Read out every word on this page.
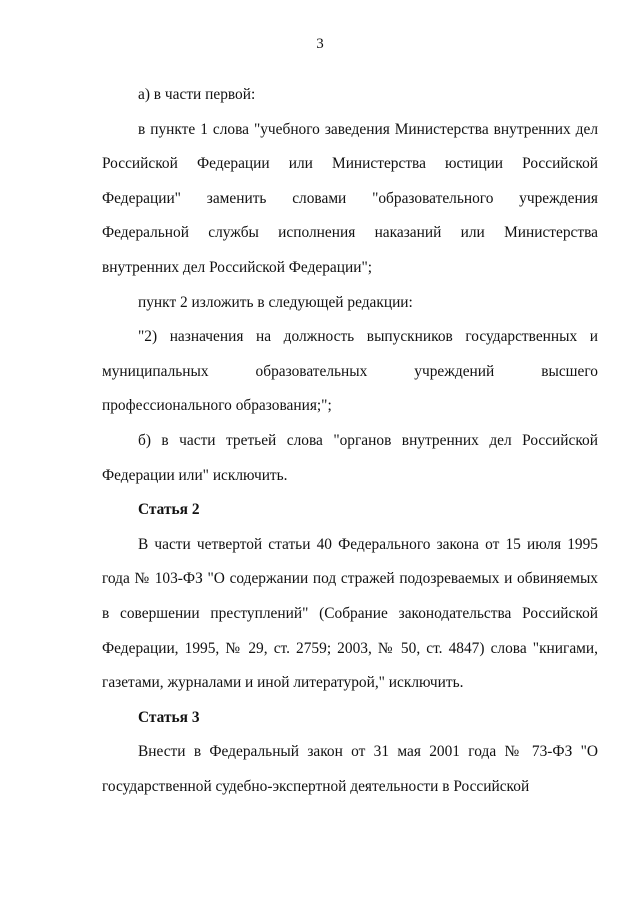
3

а) в части первой:

в пункте 1 слова "учебного заведения Министерства внутренних дел Российской Федерации или Министерства юстиции Российской Федерации" заменить словами "образовательного учреждения Федеральной службы исполнения наказаний или Министерства внутренних дел Российской Федерации";

пункт 2 изложить в следующей редакции:

"2) назначения на должность выпускников государственных и муниципальных образовательных учреждений высшего профессионального образования;";

б) в части третьей слова "органов внутренних дел Российской Федерации или" исключить.

Статья 2

В части четвертой статьи 40 Федерального закона от 15 июля 1995 года № 103-ФЗ "О содержании под стражей подозреваемых и обвиняемых в совершении преступлений" (Собрание законодательства Российской Федерации, 1995, № 29, ст. 2759; 2003, № 50, ст. 4847) слова "книгами, газетами, журналами и иной литературой," исключить.

Статья 3

Внести в Федеральный закон от 31 мая 2001 года № 73-ФЗ "О государственной судебно-экспертной деятельности в Российской
